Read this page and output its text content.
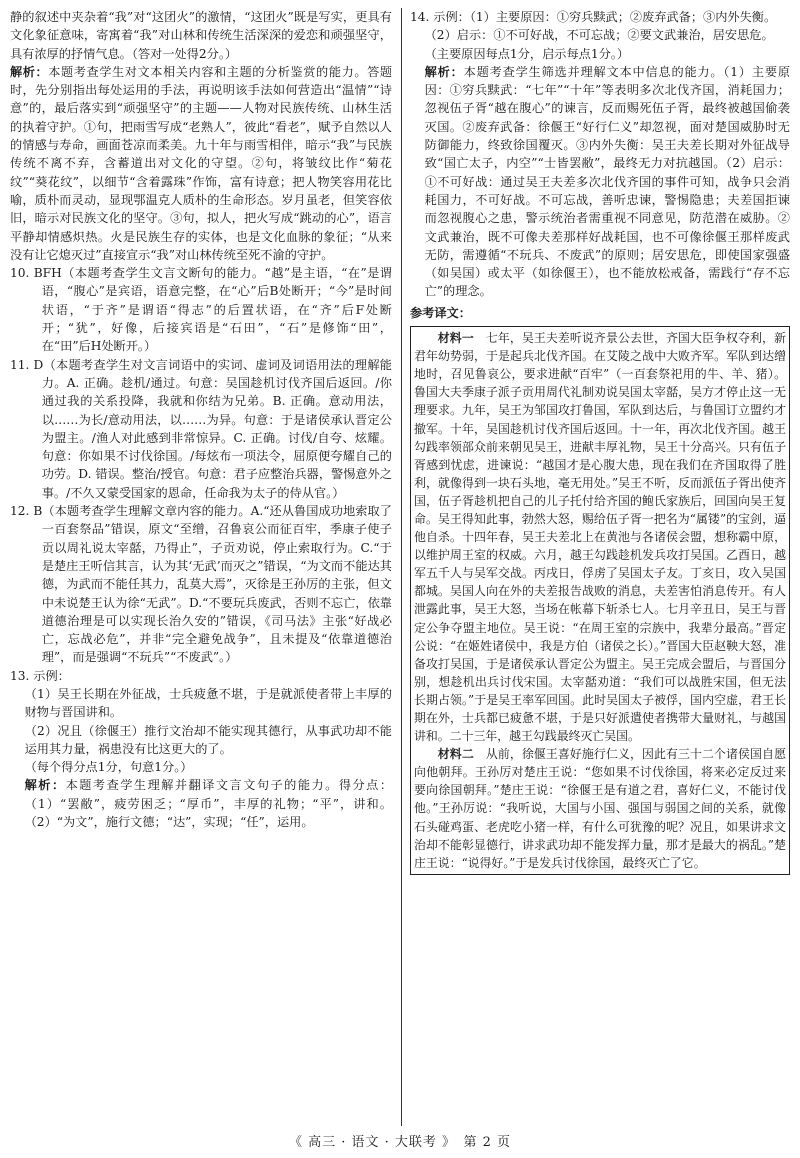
静的叙述中夹杂着“我”对“这团火”的激情，“这团火”既是写实，更具有文化象征意味，寄寓着“我”对山林和传统生活深深的爱恋和顽强坚守，具有浓厚的抒情气息。（答对一处得2分。）

解析：本题考查学生对文本相关内容和主题的分析鉴赏的能力。答题时，先分别指出每处运用的手法，再说明该手法如何营造出“温情”“诗意”的，最后落实到“顽强坚守”的主题——人物对民族传统、山林生活的执着守护。①句，把雨雪写成“老熟人”，彼此“看老”，赋予自然以人的情感与寿命，画面苍凉而柔美。九十年与雨雪相伴，暗示“我”与民族传统不离不弃，含蓄道出对文化的守望。②句，将皱纹比作“菊花纹”“葵花纹”，以细节“含着露珠”作饰，富有诗意；把人物笑容用花比喻，质朴而灵动，显现鄂温克人质朴的生命形态。岁月虽老，但笑容依旧，暗示对民族文化的坚守。③句，拟人，把火写成“跳动的心”，语言平静却情感炽热。火是民族生存的实体，也是文化血脉的象征；“从来没有让它熄灭过”直接宣示“我”对山林传统至死不渝的守护。

10. BFH（本题考查学生文言文断句的能力。“越”是主语，“在”是谓语，“腹心”是宾语，语意完整，在“心”后B处断开；“今”是时间状语，“于齐”是谓语“得志”的后置状语，在“齐”后F处断开；“犹”，好像，后接宾语是“石田”，“石”是修饰“田”，在“田”后H处断开。）

11. D（本题考查学生对文言词语中的实词、虚词及词语用法的理解能力。A. 正确。趁机/通过。句意：吴国趁机讨伐齐国后返回。/你通过我的关系投降，我就和你结为兄弟。B. 正确。意动用法，以……为长/意动用法，以……为异。句意：于是诸侯承认晋定公为盟主。/渔人对此感到非常惊异。C. 正确。讨伐/自夸、炫耀。句意：你如果不讨伐徐国。/每炫布一项法令，屈原便夸耀自己的功劳。D. 错误。整治/授官。句意：君子应整治兵器，警惕意外之事。/不久又蒙受国家的恩命，任命我为太子的侍从官。）

12. B（本题考查学生理解文章内容的能力。A.“还从鲁国成功地索取了一百套祭品”错误，原文“至缯，召鲁哀公而征百牢，季康子使子贡以周礼说太宰嚭，乃得止”，子贡劝说，停止索取行为。C.“于是楚庄王听信其言，认为其‘无武’而灭之”错误，“为文而不能达其德，为武而不能任其力，乱莫大焉”，灭徐是王孙厉的主张，但文中未说楚王认为徐“无武”。D.“不要玩兵废武，否则不忘亡，依靠道德治理是可以实现长治久安的”错误，《司马法》主张“好战必亡，忘战必危”，并非“完全避免战争”，且未提及“依靠道德治理”，而是强调“不玩兵”“不废武”。）

13. 示例：

（1）吴王长期在外征战，士兵疲惫不堪，于是就派使者带上丰厚的财物与晋国讲和。

（2）况且（徐偃王）推行文治却不能实现其德行，从事武功却不能运用其力量，祸患没有比这更大的了。

（每个得分点1分，句意1分。）

解析：本题考查学生理解并翻译文言文句子的能力。得分点：（1）“罢敝”，疲劳困乏；“厚币”，丰厚的礼物；“平”，讲和。（2）“为文”，施行文德；“达”，实现；“任”，运用。

14. 示例：（1）主要原因：①穷兵黩武；②废弃武备；③内外失衡。

（2）启示：①不可好战，不可忘战；②要文武兼治，居安思危。

（主要原因每点1分，启示每点1分。）

解析：本题考查学生筛选并理解文本中信息的能力。（1）主要原因：①穷兵黩武：“七年”“十年”等表明多次北伐齐国，消耗国力；忽视伍子胥“越在腹心”的谏言，反而赐死伍子胥，最终被越国偷袭灭国。②废弃武备：徐偃王“好行仁义”却忽视，面对楚国威胁时无防御能力，终致徐国覆灭。③内外失衡：吴王夫差长期对外征战导致“国亡太子，内空”“士皆罢敝”，最终无力对抗越国。（2）启示：①不可好战：通过吴王夫差多次北伐齐国的事件可知，战争只会消耗国力，不可好战。不可忘战，善听忠谏，警惕隐患；夫差国拒谏而忽视腹心之患，警示统治者需重视不同意见，防范潜在威胁。②文武兼治，既不可像夫差那样好战耗国，也不可像徐偃王那样废武无防，需遵循“不玩兵、不废武”的原则；居安思危，即使国家强盛（如吴国）或太平（如徐偃王），也不能放松戒备，需践行“存不忘亡”的理念。

参考译文：

材料一　 七年，吴王夫差听说齐景公去世，齐国大臣争权夺利，新君年幼势弱，于是起兵北伐齐国。在艾陵之战中大败齐军。军队到达缯地时，召见鲁哀公，要求进献“百牢”（一百套祭祀用的牛、羊、猪）。鲁国大夫季康子派子贡用周代礼制劝说吴国太宰嚭，吴方才停止这一无理要求。九年，吴王为邹国攻打鲁国，军队到达后，与鲁国订立盟约才撤军。十年，吴国趁机讨伐齐国后返回。十一年，再次北伐齐国。越王勾践率领部众前来朝见吴王，进献丰厚礼物，吴王十分高兴。只有伍子胥感到忧虑，进谏说：“越国才是心腹大患，现在我们在齐国取得了胜利，就像得到一块石头地，毫无用处。”吴王不听，反而派伍子胥出使齐国，伍子胥趁机把自己的儿子托付给齐国的鲍氏家族后，回国向吴王复命。吴王得知此事，勃然大怒，赐给伍子胥一把名为“属镂”的宝剑，逼他自杀。十四年春，吴王夫差北上在黄池与各诸侯会盟，想称霸中原，以维护周王室的权威。六月，越王勾践趁机发兵攻打吴国。乙酉日，越军五千人与吴军交战。丙戌日，俘虏了吴国太子友。丁亥日，攻入吴国都城。吴国人向在外的夫差报告战败的消息，夫差害怕消息传开。有人泄露此事，吴王大怒，当场在帐幕下斩杀七人。七月辛丑日，吴王与晋定公争夺盟主地位。吴王说：“在周王室的宗族中，我辈分最高。”晋定公说：“在姬姓诸侯中，我是方伯（诸侯之长）。”晋国大臣赵鞅大怒，准备攻打吴国，于是诸侯承认晋定公为盟主。吴王完成会盟后，与晋国分别，想趁机出兵讨伐宋国。太宰嚭劝道：“我们可以战胜宋国，但无法长期占领。”于是吴王率军回国。此时吴国太子被俘，国内空虚，君王长期在外，士兵都已疲惫不堪，于是只好派遣使者携带大量财礼，与越国讲和。二十三年，越王勾践最终灭亡吴国。

材料二　 从前，徐偃王喜好施行仁义，因此有三十二个诸侯国自愿向他朝拜。王孙厉对楚庄王说：“您如果不讨伐徐国，将来必定反过来要向徐国朝拜。”楚庄王说：“徐偃王是有道之君，喜好仁义，不能讨伐他。”王孙厉说：“我听说，大国与小国、强国与弱国之间的关系，就像石头碰鸡蛋、老虎吃小猪一样，有什么可犹豫的呢？况且，如果讲求文治却不能彰显德行，讲求武功却不能发挥力量，那才是最大的祸乱。”楚庄王说：“说得好。”于是发兵讨伐徐国，最终灭亡了它。

《 高三 · 语文 · 大联考 》　第 2 页
